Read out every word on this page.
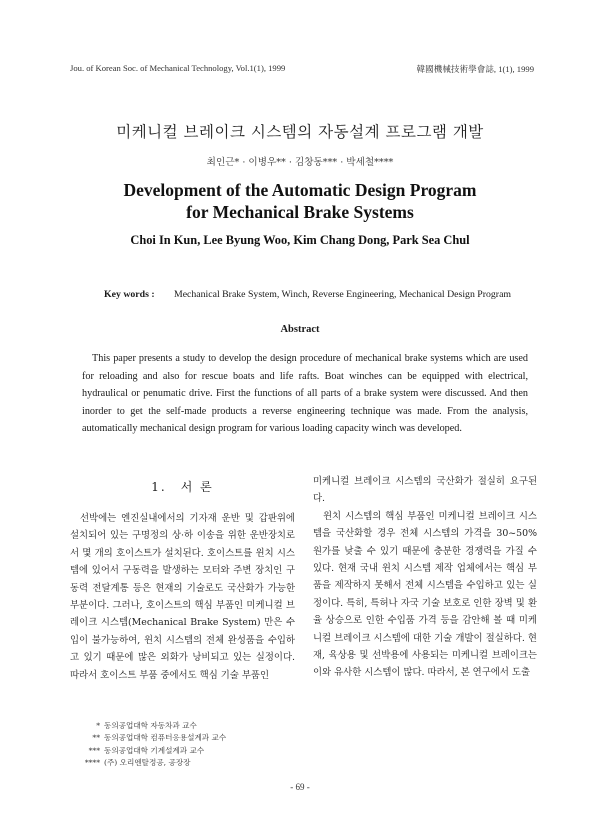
Jou. of Korean Soc. of Mechanical Technology, Vol.1(1), 1999	韓國機械技術學會誌, 1(1), 1999
미케니컬 브레이크 시스템의 자동설계 프로그램 개발
최인근* · 이병우** · 김창동*** · 박세철****
Development of the Automatic Design Program
for Mechanical Brake Systems
Choi In Kun, Lee Byung Woo, Kim Chang Dong, Park Sea Chul
Key words :	Mechanical Brake System, Winch, Reverse Engineering, Mechanical Design Program
Abstract

This paper presents a study to develop the design procedure of mechanical brake systems which are used for reloading and also for rescue boats and life rafts. Boat winches can be equipped with electrical, hydraulical or penumatic drive. First the functions of all parts of a brake system were discussed. And then inorder to get the self-made products a reverse engineering technique was made. From the analysis, automatically mechanical design program for various loading capacity winch was developed.

1. 서 론

선박에는 엔진실내에서의 기자재 운반 및 갑판위에 설치되어 있는 구명정의 상·하 이송을 위한 운반장치로서 몇 개의 호이스트가 설치된다. 호이스트를 윈치 시스템에 있어서 구동력을 발생하는 모터와 주변 장치인 구동력 전달계통 등은 현재의 기술로도 국산화가 가능한 부분이다. 그러나, 호이스트의 핵심 부품인 미케니컬 브레이크 시스템(Mechanical Brake System) 만은 수입이 불가능하여, 윈치 시스템의 전체 완성품을 수입하고 있기 때문에 많은 외화가 낭비되고 있는 실정이다. 따라서 호이스트 부품 중에서도 핵심 기술 부품인

미케니컬 브레이크 시스템의 국산화가 절실히 요구된다.

윈치 시스템의 핵심 부품인 미케니컬 브레이크 시스템을 국산화할 경우 전체 시스템의 가격을 30~50% 원가를 낮출 수 있기 때문에 충분한 경쟁력을 가질 수 있다. 현재 국내 윈치 시스템 제작 업체에서는 핵심 부품을 제작하지 못해서 전체 시스템을 수입하고 있는 실정이다. 특히, 특허나 자국 기술 보호로 인한 장벽 및 환율 상승으로 인한 수입품 가격 등을 감안해 볼 때 미케니컬 브레이크 시스템에 대한 기술 개발이 절실하다. 현재, 육상용 및 선박용에 사용되는 미케니컬 브레이크는 이와 유사한 시스템이 많다. 따라서, 본 연구에서 도출

* 동의공업대학 자동차과 교수
** 동의공업대학 컴퓨터응용설계과 교수
*** 동의공업대학 기계설계과 교수
**** (주) 오리엔탈정공, 공장장
- 69 -
